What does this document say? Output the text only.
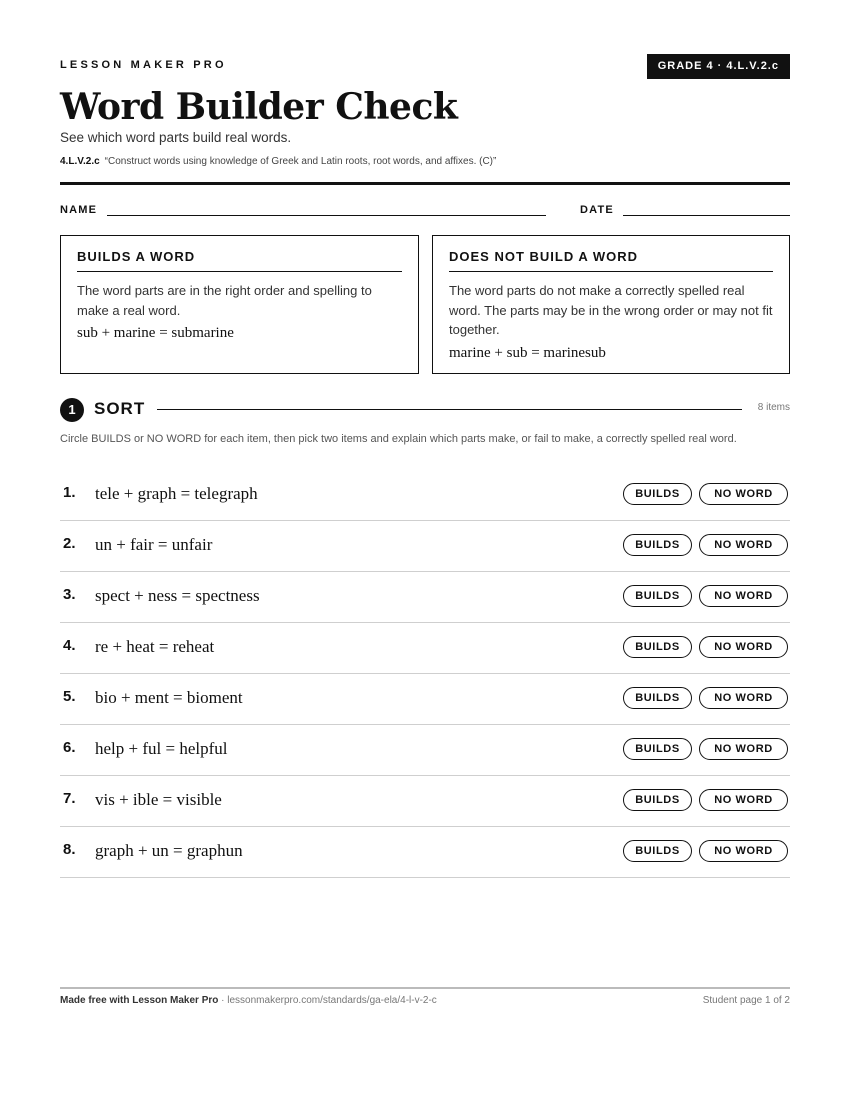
LESSON MAKER PRO	GRADE 4 · 4.L.V.2.c
Word Builder Check
See which word parts build real words.
4.L.V.2.c “Construct words using knowledge of Greek and Latin roots, root words, and affixes. (C)”
NAME	DATE
BUILDS A WORD
The word parts are in the right order and spelling to make a real word.
sub + marine = submarine
DOES NOT BUILD A WORD
The word parts do not make a correctly spelled real word. The parts may be in the wrong order or may not fit together.
marine + sub = marinesub
1	SORT	8 items
Circle BUILDS or NO WORD for each item, then pick two items and explain which parts make, or fail to make, a correctly spelled real word.
1. tele + graph = telegraph	BUILDS	NO WORD
2. un + fair = unfair	BUILDS	NO WORD
3. spect + ness = spectness	BUILDS	NO WORD
4. re + heat = reheat	BUILDS	NO WORD
5. bio + ment = bioment	BUILDS	NO WORD
6. help + ful = helpful	BUILDS	NO WORD
7. vis + ible = visible	BUILDS	NO WORD
8. graph + un = graphun	BUILDS	NO WORD
Made free with Lesson Maker Pro · lessonmakerpro.com/standards/ga-ela/4-l-v-2-c	Student page 1 of 2
